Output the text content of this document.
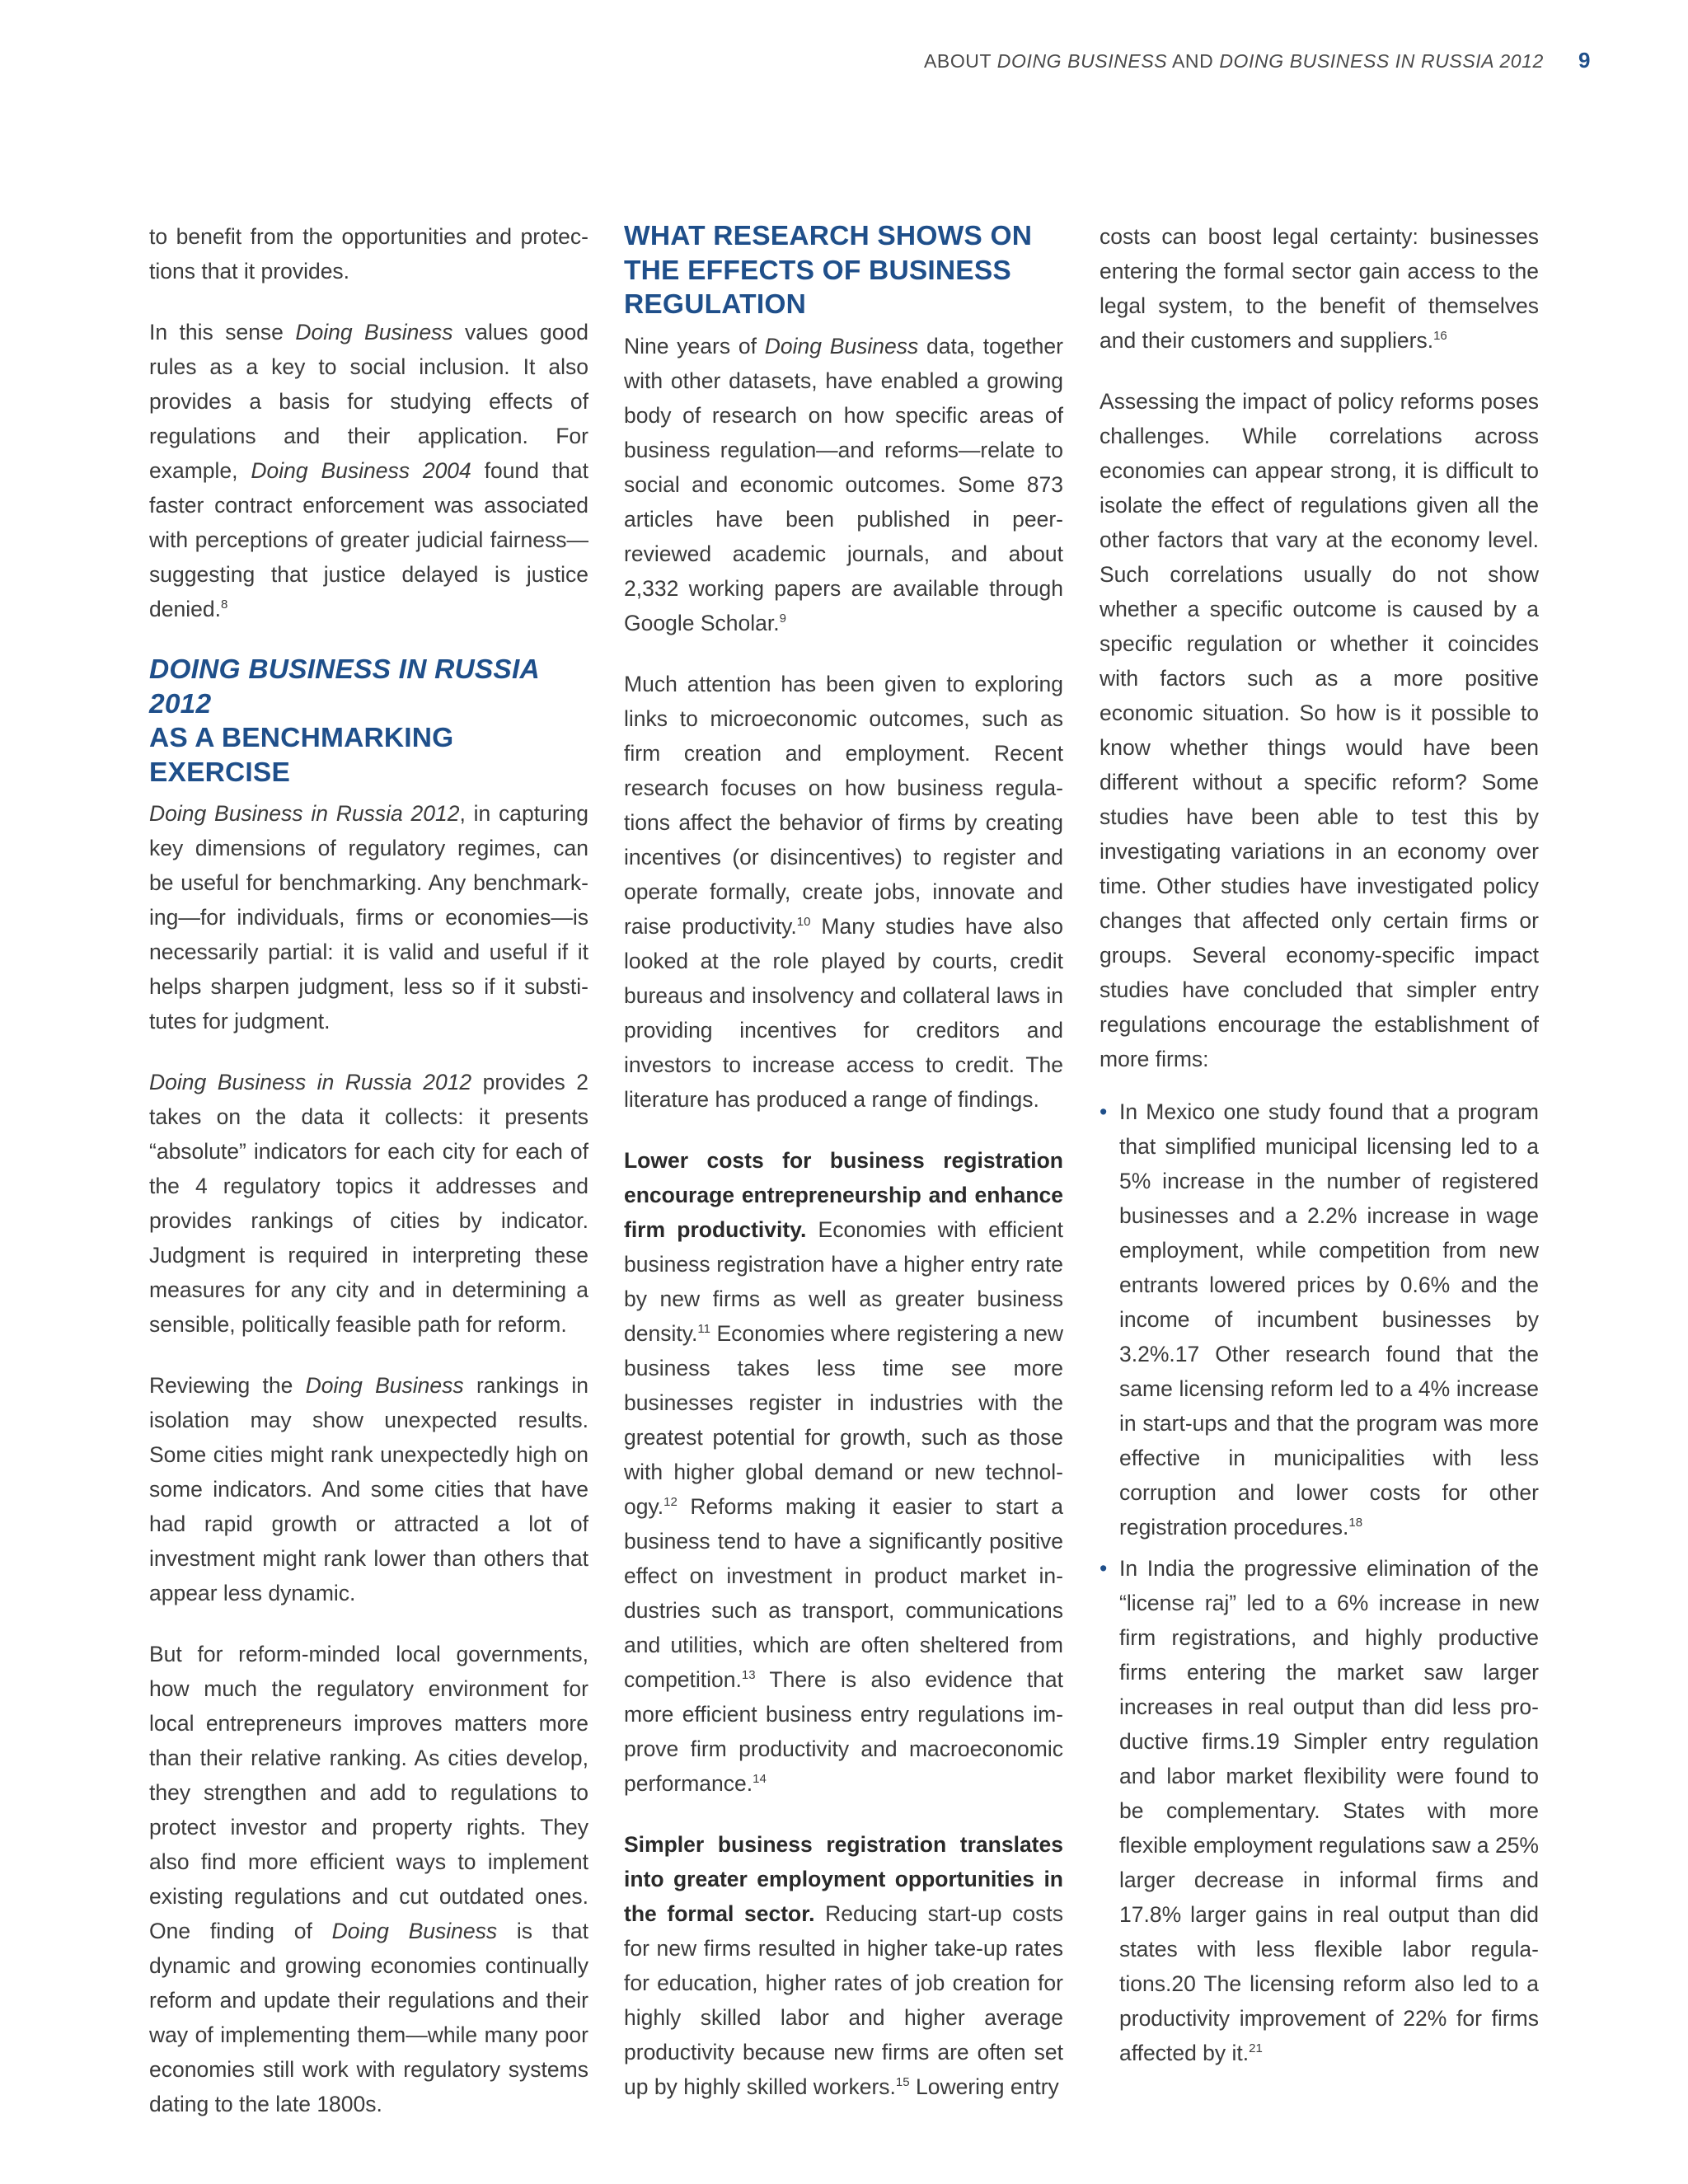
ABOUT DOING BUSINESS AND DOING BUSINESS IN RUSSIA 2012 9

to benefit from the opportunities and protections that it provides.

In this sense Doing Business values good rules as a key to social inclusion. It also provides a basis for studying effects of regulations and their application. For example, Doing Business 2004 found that faster contract enforcement was associated with perceptions of greater judicial fairness—suggesting that justice delayed is justice denied.$^8$

DOING BUSINESS IN RUSSIA 2012
AS A BENCHMARKING EXERCISE

Doing Business in Russia 2012, in capturing key dimensions of regulatory regimes, can be useful for benchmarking. Any benchmarking—for individuals, firms or economies—is necessarily partial: it is valid and useful if it helps sharpen judgment, less so if it substitutes for judgment.

Doing Business in Russia 2012 provides 2 takes on the data it collects: it presents “absolute” indicators for each city for each of the 4 regulatory topics it addresses and provides rankings of cities by indicator. Judgment is required in interpreting these measures for any city and in determining a sensible, politically feasible path for reform.

Reviewing the Doing Business rankings in isolation may show unexpected results. Some cities might rank unexpectedly high on some indicators. And some cities that have had rapid growth or attracted a lot of investment might rank lower than others that appear less dynamic.

But for reform-minded local governments, how much the regulatory environment for local entrepreneurs improves matters more than their relative ranking. As cities develop, they strengthen and add to regulations to protect investor and property rights. They also find more efficient ways to implement existing regulations and cut outdated ones. One finding of Doing Business is that dynamic and growing economies continually reform and update their regulations and their way of implementing them—while many poor economies still work with regulatory systems dating to the late 1800s.

WHAT RESEARCH SHOWS ON THE EFFECTS OF BUSINESS REGULATION

Nine years of Doing Business data, together with other datasets, have enabled a growing body of research on how specific areas of business regulation—and reforms—relate to social and economic outcomes. Some 873 articles have been published in peer-reviewed academic journals, and about 2,332 working papers are available through Google Scholar.$^9$

Much attention has been given to exploring links to microeconomic outcomes, such as firm creation and employment. Recent research focuses on how business regulations affect the behavior of firms by creating incentives (or disincentives) to register and operate formally, create jobs, innovate and raise productivity.$^{10}$ Many studies have also looked at the role played by courts, credit bureaus and insolvency and collateral laws in providing incentives for creditors and investors to increase access to credit. The literature has produced a range of findings.

Lower costs for business registration encourage entrepreneurship and enhance firm productivity. Economies with efficient business registration have a higher entry rate by new firms as well as greater business density.$^{11}$ Economies where registering a new business takes less time see more businesses register in industries with the greatest potential for growth, such as those with higher global demand or new technology.$^{12}$ Reforms making it easier to start a business tend to have a significantly positive effect on investment in product market industries such as transport, communications and utilities, which are often sheltered from competition.$^{13}$ There is also evidence that more efficient business entry regulations improve firm productivity and macroeconomic performance.$^{14}$

Simpler business registration translates into greater employment opportunities in the formal sector. Reducing start-up costs for new firms resulted in higher take-up rates for education, higher rates of job creation for highly skilled labor and higher average productivity because new firms are often set up by highly skilled workers.$^{15}$ Lowering entry

costs can boost legal certainty: businesses entering the formal sector gain access to the legal system, to the benefit of themselves and their customers and suppliers.$^{16}$

Assessing the impact of policy reforms poses challenges. While correlations across economies can appear strong, it is difficult to isolate the effect of regulations given all the other factors that vary at the economy level. Such correlations usually do not show whether a specific outcome is caused by a specific regulation or whether it coincides with factors such as a more positive economic situation. So how is it possible to know whether things would have been different without a specific reform? Some studies have been able to test this by investigating variations in an economy over time. Other studies have investigated policy changes that affected only certain firms or groups. Several economy-specific impact studies have concluded that simpler entry regulations encourage the establishment of more firms:

• In Mexico one study found that a program that simplified municipal licensing led to a 5% increase in the number of registered businesses and a 2.2% increase in wage employment, while competition from new entrants lowered prices by 0.6% and the income of incumbent businesses by 3.2%.17 Other research found that the same licensing reform led to a 4% increase in start-ups and that the program was more effective in municipalities with less corruption and lower costs for other registration procedures.$^{18}$
• In India the progressive elimination of the “license raj” led to a 6% increase in new firm registrations, and highly productive firms entering the market saw larger increases in real output than did less productive firms.19 Simpler entry regulation and labor market flexibility were found to be complementary. States with more flexible employment regulations saw a 25% larger decrease in informal firms and 17.8% larger gains in real output than did states with less flexible labor regulations.20 The licensing reform also led to a productivity improvement of 22% for firms affected by it.$^{21}$
